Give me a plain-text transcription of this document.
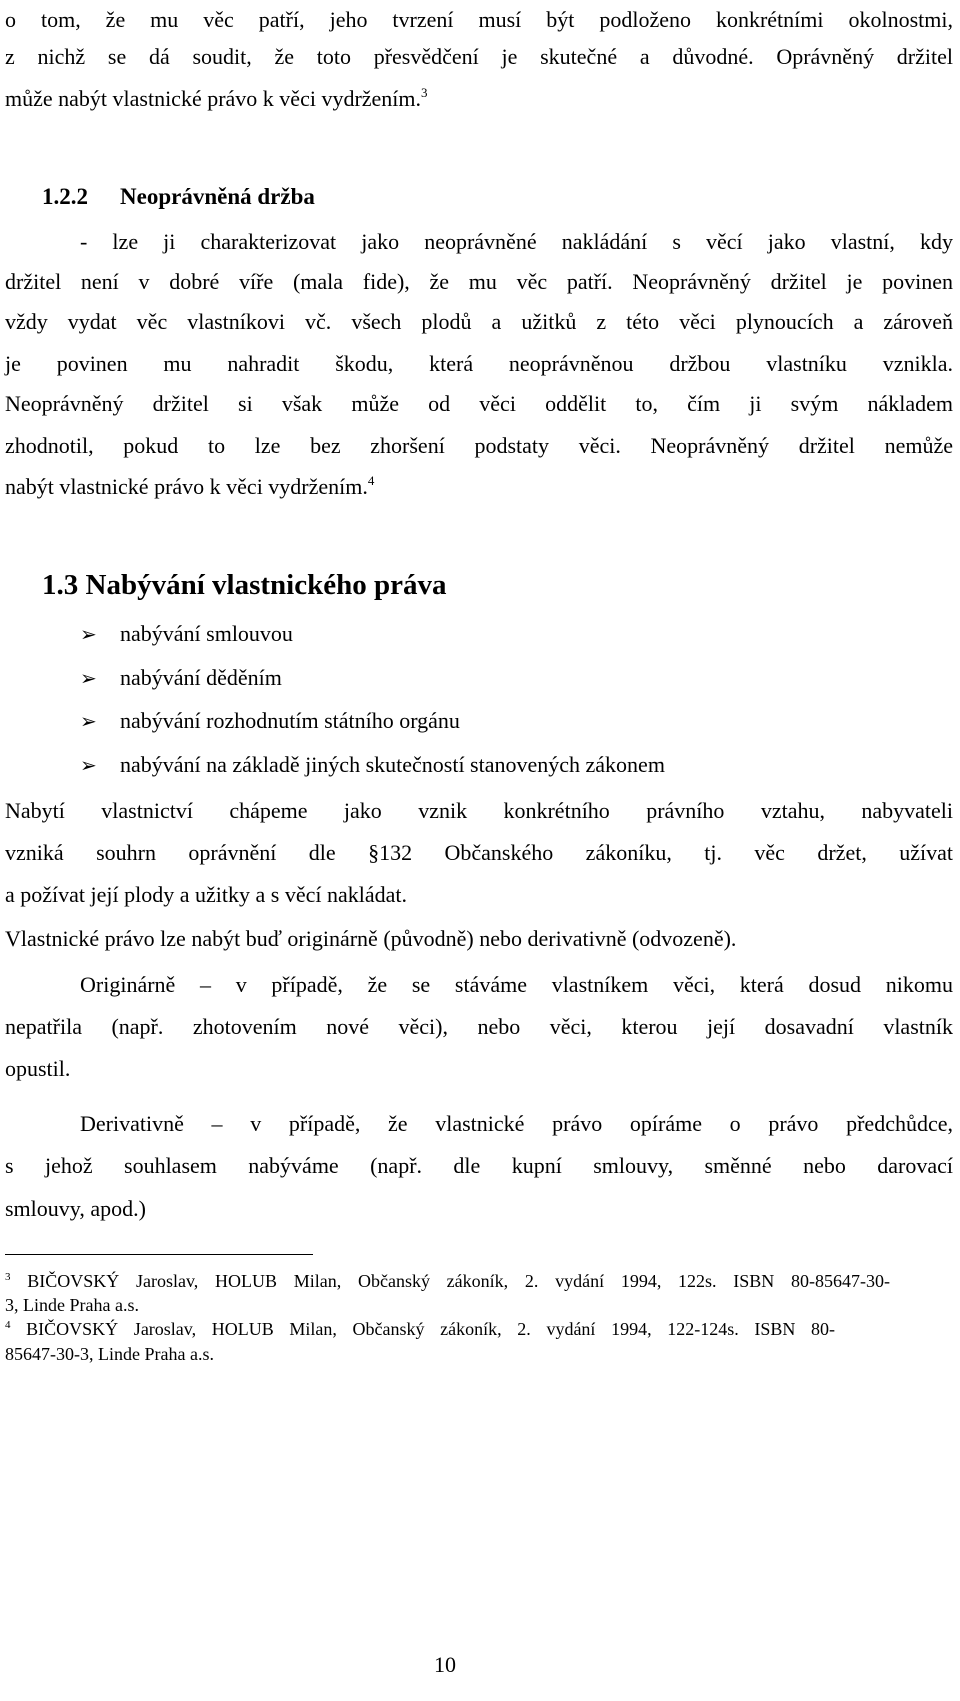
o tom, že mu věc patří, jeho tvrzení musí být podloženo konkrétními okolnostmi,
z nichž se dá soudit, že toto přesvědčení je skutečné a důvodné. Oprávněný držitel
může nabýt vlastnické právo k věci vydržením.$^3$
1.2.2 Neoprávněná držba
- lze ji charakterizovat jako neoprávněné nakládání s věcí jako vlastní, kdy
držitel není v dobré víře (mala fide), že mu věc patří. Neoprávněný držitel je povinen
vždy vydat věc vlastníkovi vč. všech plodů a užitků z této věci plynoucích a zároveň
je povinen mu nahradit škodu, která neoprávněnou držbou vlastníku vznikla.
Neoprávněný držitel si však může od věci oddělit to, čím ji svým nákladem
zhodnotil, pokud to lze bez zhoršení podstaty věci. Neoprávněný držitel nemůže
nabýt vlastnické právo k věci vydržením.$^4$
1.3 Nabývání vlastnického práva
➢ nabývání smlouvou
➢ nabývání děděním
➢ nabývání rozhodnutím státního orgánu
➢ nabývání na základě jiných skutečností stanovených zákonem
Nabytí vlastnictví chápeme jako vznik konkrétního právního vztahu, nabyvateli
vzniká souhrn oprávnění dle §132 Občanského zákoníku, tj. věc držet, užívat
a požívat její plody a užitky a s věcí nakládat.
Vlastnické právo lze nabýt buď originárně (původně) nebo derivativně (odvozeně).
Originárně – v případě, že se stáváme vlastníkem věci, která dosud nikomu
nepatřila (např. zhotovením nové věci), nebo věci, kterou její dosavadní vlastník
opustil.
Derivativně – v případě, že vlastnické právo opíráme o právo předchůdce,
s jehož souhlasem nabýváme (např. dle kupní smlouvy, směnné nebo darovací
smlouvy, apod.)
$^3$ BIČOVSKÝ Jaroslav, HOLUB Milan, Občanský zákoník, 2. vydání 1994, 122s. ISBN 80-85647-30-
3, Linde Praha a.s.
$^4$ BIČOVSKÝ Jaroslav, HOLUB Milan, Občanský zákoník, 2. vydání 1994, 122-124s. ISBN 80-
85647-30-3, Linde Praha a.s.
10
